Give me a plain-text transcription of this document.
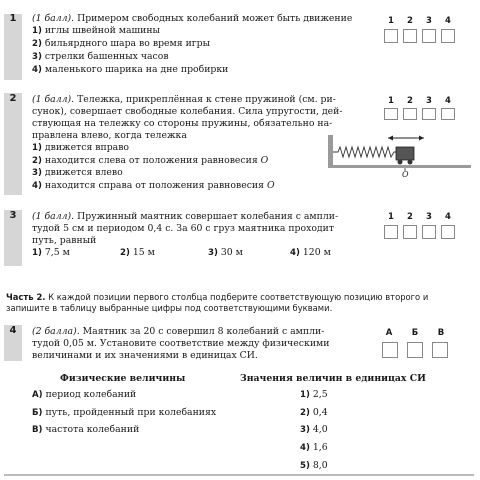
1	(1 балл). Примером свободных колебаний может быть движение

1) иглы швейной машины
2) бильярдного шара во время игры
3) стрелки башенных часов
4) маленького шарика на дне пробирки
1	2	3	4
2	(1 балл). Тележка, прикреплённая к стене пружиной (см. ри-

сунок), совершает свободные колебания. Сила упругости, дей-

ствующая на тележку со стороны пружины, обязательно на-

правлена влево, когда тележка

1) движется вправо
2) находится слева от положения равновесия O
3) движется влево
4) находится справа от положения равновесия O
1	2	3	4
O
3	(1 балл). Пружинный маятник совершает колебания с ампли-

тудой 5 см и периодом 0,4 с. За 60 с груз маятника проходит

путь, равный

1) 7,5 м	2) 15 м	3) 30 м	4) 120 м
1	2	3	4
Часть 2. К каждой позиции первого столбца подберите соответствующую позицию второго и запишите в таблицу выбранные цифры под соответствующими буквами.
4	(2 балла). Маятник за 20 с совершил 8 колебаний с ампли-

тудой 0,05 м. Установите соответствие между физическими

величинами и их значениями в единицах СИ.

А	Б	В
Физические величины
А) период колебаний
Б) путь, пройденный при колебаниях
В) частота колебаний
Значения величин в единицах СИ
1) 2,5
2) 0,4
3) 4,0
4) 1,6
5) 8,0
